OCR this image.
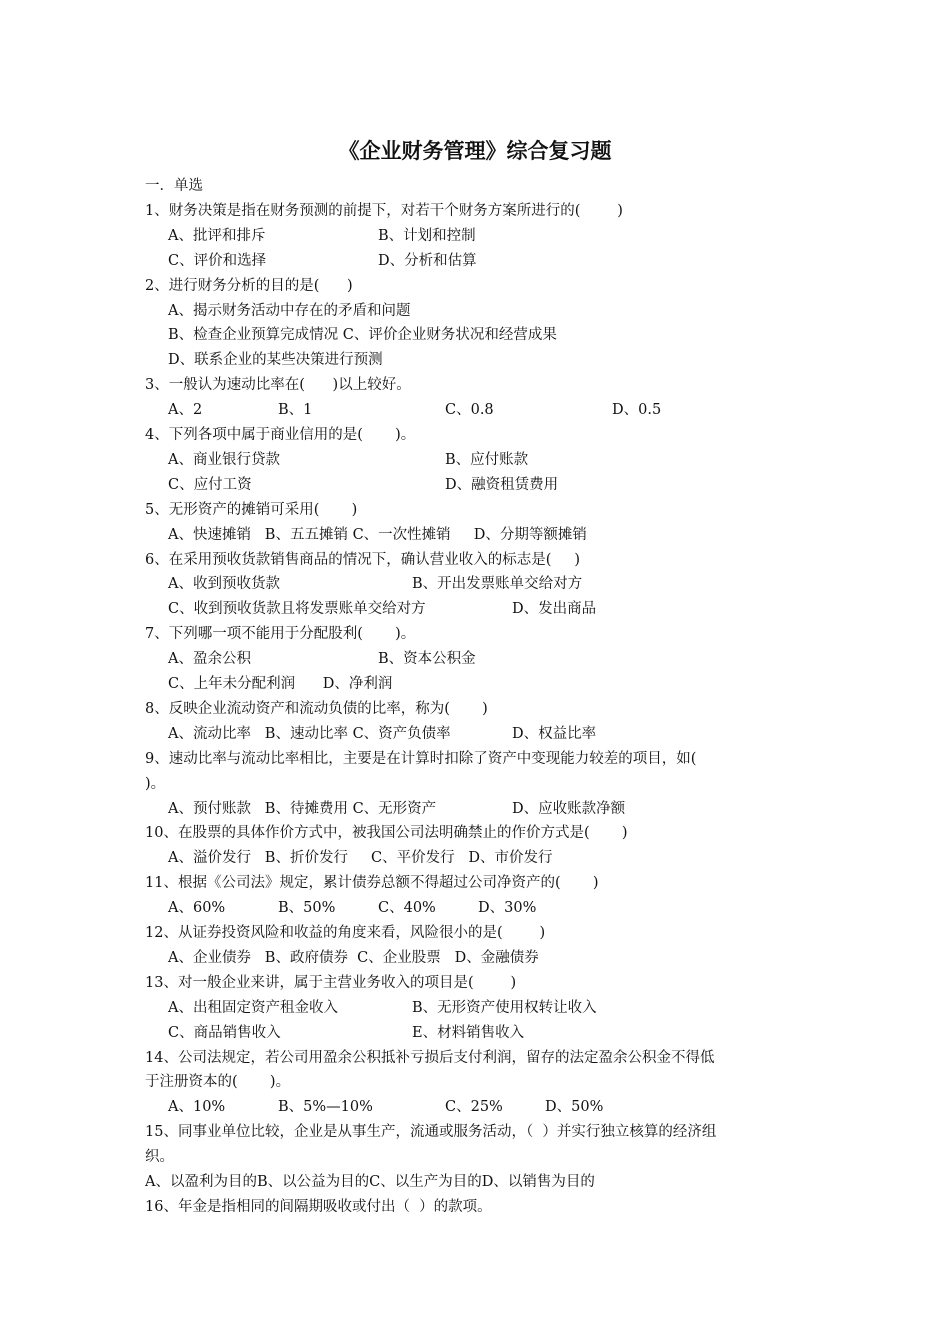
《企业财务管理》综合复习题
一．单选
1、财务决策是指在财务预测的前提下，对若干个财务方案所进行的(        )
A、批评和排斥	B、计划和控制
C、评价和选择	D、分析和估算
2、进行财务分析的目的是(      )
A、揭示财务活动中存在的矛盾和问题
B、检查企业预算完成情况 C、评价企业财务状况和经营成果
D、联系企业的某些决策进行预测
3、一般认为速动比率在(      )以上较好。
A、2	B、1	C、0.8	D、0.5
4、下列各项中属于商业信用的是(       )。
A、商业银行贷款	B、应付账款
C、应付工资	D、融资租赁费用
5、无形资产的摊销可采用(       )
A、快速摊销   B、五五摊销 C、一次性摊销     D、分期等额摊销
6、在采用预收货款销售商品的情况下，确认营业收入的标志是(     )
A、收到预收货款	B、开出发票账单交给对方
C、收到预收货款且将发票账单交给对方	D、发出商品
7、下列哪一项不能用于分配股利(       )。
A、盈余公积	B、资本公积金
C、上年未分配利润      D、净利润
8、反映企业流动资产和流动负债的比率，称为(       )
A、流动比率   B、速动比率 C、资产负债率	D、权益比率
9、速动比率与流动比率相比，主要是在计算时扣除了资产中变现能力较差的项目，如(
)。
A、预付账款   B、待摊费用 C、无形资产	D、应收账款净额
10、在股票的具体作价方式中，被我国公司法明确禁止的作价方式是(       )
A、溢价发行   B、折价发行     C、平价发行   D、市价发行
11、根据《公司法》规定，累计债券总额不得超过公司净资产的(       )
A、60%	B、50%	C、40%	D、30%
12、从证券投资风险和收益的角度来看，风险很小的是(        )
A、企业债券   B、政府债券  C、企业股票   D、金融债券
13、对一般企业来讲，属于主营业务收入的项目是(        )
A、出租固定资产租金收入	B、无形资产使用权转让收入
C、商品销售收入	E、材料销售收入
14、公司法规定，若公司用盈余公积抵补亏损后支付利润，留存的法定盈余公积金不得低
于注册资本的(       )。
A、10%	B、5%—10%	C、25%	D、50%
15、同事业单位比较，企业是从事生产，流通或服务活动，（  ）并实行独立核算的经济组
织。
A、以盈利为目的B、以公益为目的C、以生产为目的D、以销售为目的
16、年金是指相同的间隔期吸收或付出（  ）的款项。
